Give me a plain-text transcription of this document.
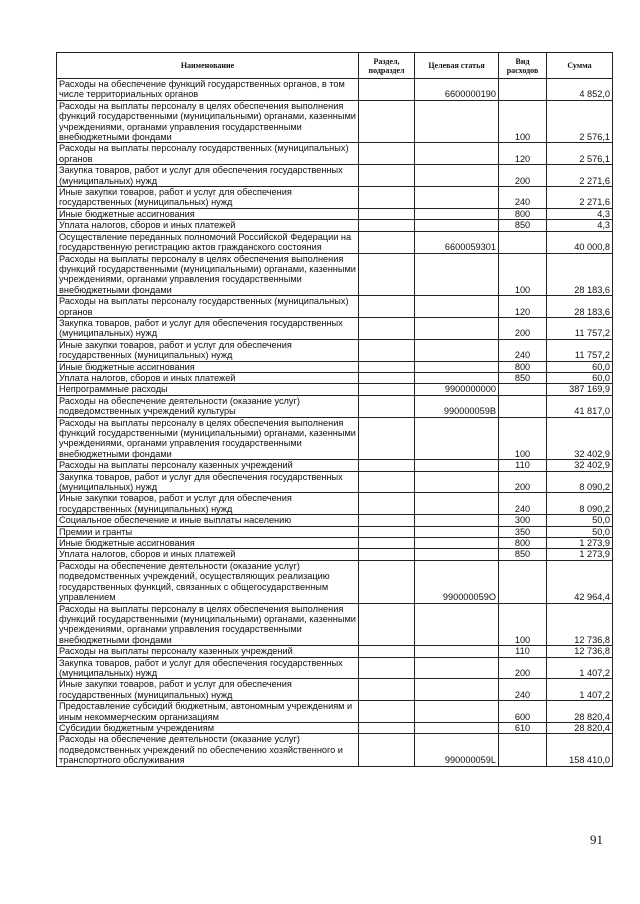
Наименование	Раздел, подраздел	Целевая статья	Вид расходов	Сумма
Расходы на обеспечение функций государственных органов, в том числе территориальных органов		6600000190		4 852,0
Расходы на выплаты персоналу в целях обеспечения выполнения функций государственными (муниципальными) органами, казенными учреждениями, органами управления государственными внебюджетными фондами			100	2 576,1
Расходы на выплаты персоналу государственных (муниципальных) органов			120	2 576,1
Закупка товаров, работ и услуг для обеспечения государственных (муниципальных) нужд			200	2 271,6
Иные закупки товаров, работ и услуг для обеспечения государственных (муниципальных) нужд			240	2 271,6
Иные бюджетные ассигнования			800	4,3
Уплата налогов, сборов и иных платежей			850	4,3
Осуществление переданных полномочий Российской Федерации на государственную регистрацию актов гражданского состояния		6600059301		40 000,8
Расходы на выплаты персоналу в целях обеспечения выполнения функций государственными (муниципальными) органами, казенными учреждениями, органами управления государственными внебюджетными фондами			100	28 183,6
Расходы на выплаты персоналу государственных (муниципальных) органов			120	28 183,6
Закупка товаров, работ и услуг для обеспечения государственных (муниципальных) нужд			200	11 757,2
Иные закупки товаров, работ и услуг для обеспечения государственных (муниципальных) нужд			240	11 757,2
Иные бюджетные ассигнования			800	60,0
Уплата налогов, сборов и иных платежей			850	60,0
Непрограммные расходы		9900000000		387 169,9
Расходы на обеспечение деятельности (оказание услуг) подведомственных учреждений культуры		990000059В		41 817,0
Расходы на выплаты персоналу в целях обеспечения выполнения функций государственными (муниципальными) органами, казенными учреждениями, органами управления государственными внебюджетными фондами			100	32 402,9
Расходы на выплаты персоналу казенных учреждений			110	32 402,9
Закупка товаров, работ и услуг для обеспечения государственных (муниципальных) нужд			200	8 090,2
Иные закупки товаров, работ и услуг для обеспечения государственных (муниципальных) нужд			240	8 090,2
Социальное обеспечение и иные выплаты населению			300	50,0
Премии и гранты			350	50,0
Иные бюджетные ассигнования			800	1 273,9
Уплата налогов, сборов и иных платежей			850	1 273,9
Расходы на обеспечение деятельности (оказание услуг) подведомственных учреждений, осуществляющих реализацию государственных функций, связанных с общегосударственным управлением		990000059О		42 964,4
Расходы на выплаты персоналу в целях обеспечения выполнения функций государственными (муниципальными) органами, казенными учреждениями, органами управления государственными внебюджетными фондами			100	12 736,8
Расходы на выплаты персоналу казенных учреждений			110	12 736,8
Закупка товаров, работ и услуг для обеспечения государственных (муниципальных) нужд			200	1 407,2
Иные закупки товаров, работ и услуг для обеспечения государственных (муниципальных) нужд			240	1 407,2
Предоставление субсидий бюджетным, автономным учреждениям и иным некоммерческим организациям			600	28 820,4
Субсидии бюджетным учреждениям			610	28 820,4
Расходы на обеспечение деятельности (оказание услуг) подведомственных учреждений по обеспечению хозяйственного и транспортного обслуживания		990000059L		158 410,0
91
